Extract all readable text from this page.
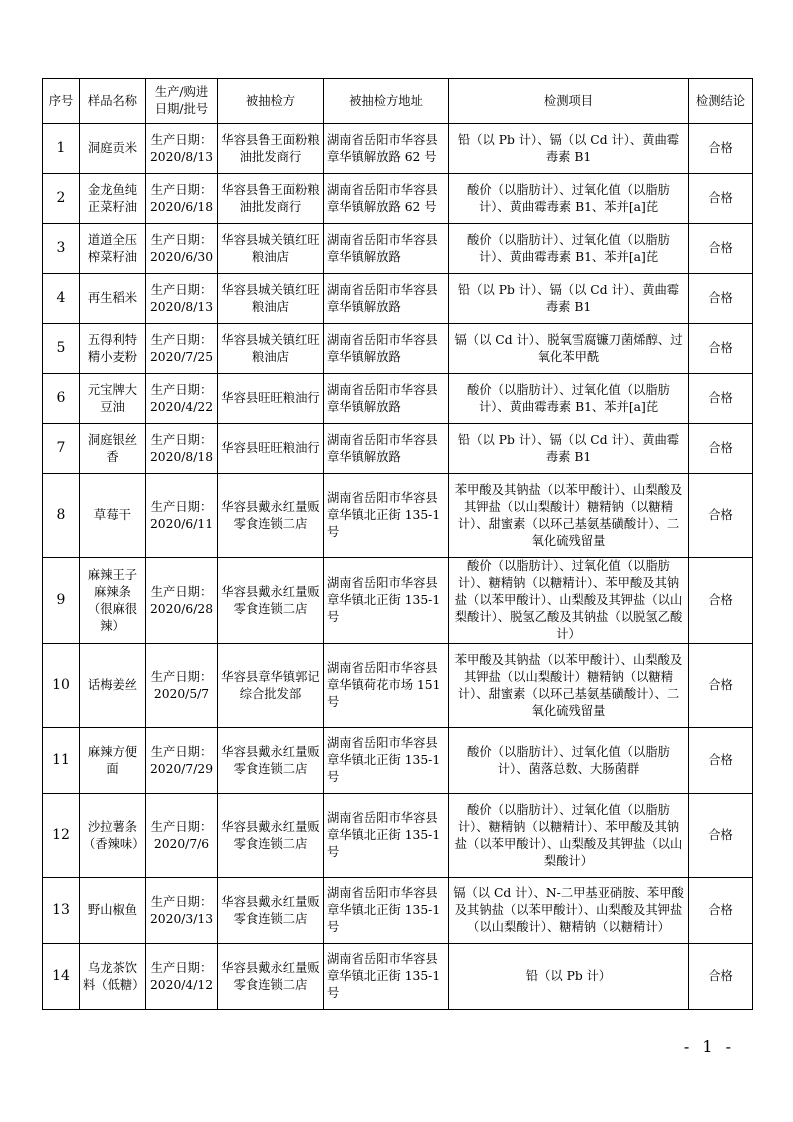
序号	样品名称	生产/购进日期/批号	被抽检方	被抽检方地址	检测项目	检测结论
1	洞庭贡米	生产日期：2020/8/13	华容县鲁王面粉粮油批发商行	湖南省岳阳市华容县章华镇解放路 62 号	铅（以 Pb 计）、镉（以 Cd 计）、黄曲霉毒素 B1	合格
2	金龙鱼纯正菜籽油	生产日期：2020/6/18	华容县鲁王面粉粮油批发商行	湖南省岳阳市华容县章华镇解放路 62 号	酸价（以脂肪计）、过氧化值（以脂肪计）、黄曲霉毒素 B1、苯并[a]芘	合格
3	道道全压榨菜籽油	生产日期：2020/6/30	华容县城关镇红旺粮油店	湖南省岳阳市华容县章华镇解放路	酸价（以脂肪计）、过氧化值（以脂肪计）、黄曲霉毒素 B1、苯并[a]芘	合格
4	再生稻米	生产日期：2020/8/13	华容县城关镇红旺粮油店	湖南省岳阳市华容县章华镇解放路	铅（以 Pb 计）、镉（以 Cd 计）、黄曲霉毒素 B1	合格
5	五得利特精小麦粉	生产日期：2020/7/25	华容县城关镇红旺粮油店	湖南省岳阳市华容县章华镇解放路	镉（以 Cd 计）、脱氧雪腐镰刀菌烯醇、过氧化苯甲酰	合格
6	元宝牌大豆油	生产日期：2020/4/22	华容县旺旺粮油行	湖南省岳阳市华容县章华镇解放路	酸价（以脂肪计）、过氧化值（以脂肪计）、黄曲霉毒素 B1、苯并[a]芘	合格
7	洞庭银丝香	生产日期：2020/8/18	华容县旺旺粮油行	湖南省岳阳市华容县章华镇解放路	铅（以 Pb 计）、镉（以 Cd 计）、黄曲霉毒素 B1	合格
8	草莓干	生产日期：2020/6/11	华容县戴永红量贩零食连锁二店	湖南省岳阳市华容县章华镇北正街 135-1 号	苯甲酸及其钠盐（以苯甲酸计）、山梨酸及其钾盐（以山梨酸计）糖精钠（以糖精计）、甜蜜素（以环己基氨基磺酸计）、二氧化硫残留量	合格
9	麻辣王子麻辣条（很麻很辣）	生产日期：2020/6/28	华容县戴永红量贩零食连锁二店	湖南省岳阳市华容县章华镇北正街 135-1 号	酸价（以脂肪计）、过氧化值（以脂肪计）、糖精钠（以糖精计）、苯甲酸及其钠盐（以苯甲酸计）、山梨酸及其钾盐（以山梨酸计）、脱氢乙酸及其钠盐（以脱氢乙酸计）	合格
10	话梅姜丝	生产日期：2020/5/7	华容县章华镇郭记综合批发部	湖南省岳阳市华容县章华镇荷花市场 151 号	苯甲酸及其钠盐（以苯甲酸计）、山梨酸及其钾盐（以山梨酸计）糖精钠（以糖精计）、甜蜜素（以环己基氨基磺酸计）、二氧化硫残留量	合格
11	麻辣方便面	生产日期：2020/7/29	华容县戴永红量贩零食连锁二店	湖南省岳阳市华容县章华镇北正街 135-1 号	酸价（以脂肪计）、过氧化值（以脂肪计）、菌落总数、大肠菌群	合格
12	沙拉薯条（香辣味）	生产日期：2020/7/6	华容县戴永红量贩零食连锁二店	湖南省岳阳市华容县章华镇北正街 135-1 号	酸价（以脂肪计）、过氧化值（以脂肪计）、糖精钠（以糖精计）、苯甲酸及其钠盐（以苯甲酸计）、山梨酸及其钾盐（以山梨酸计）	合格
13	野山椒鱼	生产日期：2020/3/13	华容县戴永红量贩零食连锁二店	湖南省岳阳市华容县章华镇北正街 135-1 号	镉（以 Cd 计）、N-二甲基亚硝胺、苯甲酸及其钠盐（以苯甲酸计）、山梨酸及其钾盐（以山梨酸计）、糖精钠（以糖精计）	合格
14	乌龙茶饮料（低糖）	生产日期：2020/4/12	华容县戴永红量贩零食连锁二店	湖南省岳阳市华容县章华镇北正街 135-1 号	铅（以 Pb 计）	合格
- 1 -
